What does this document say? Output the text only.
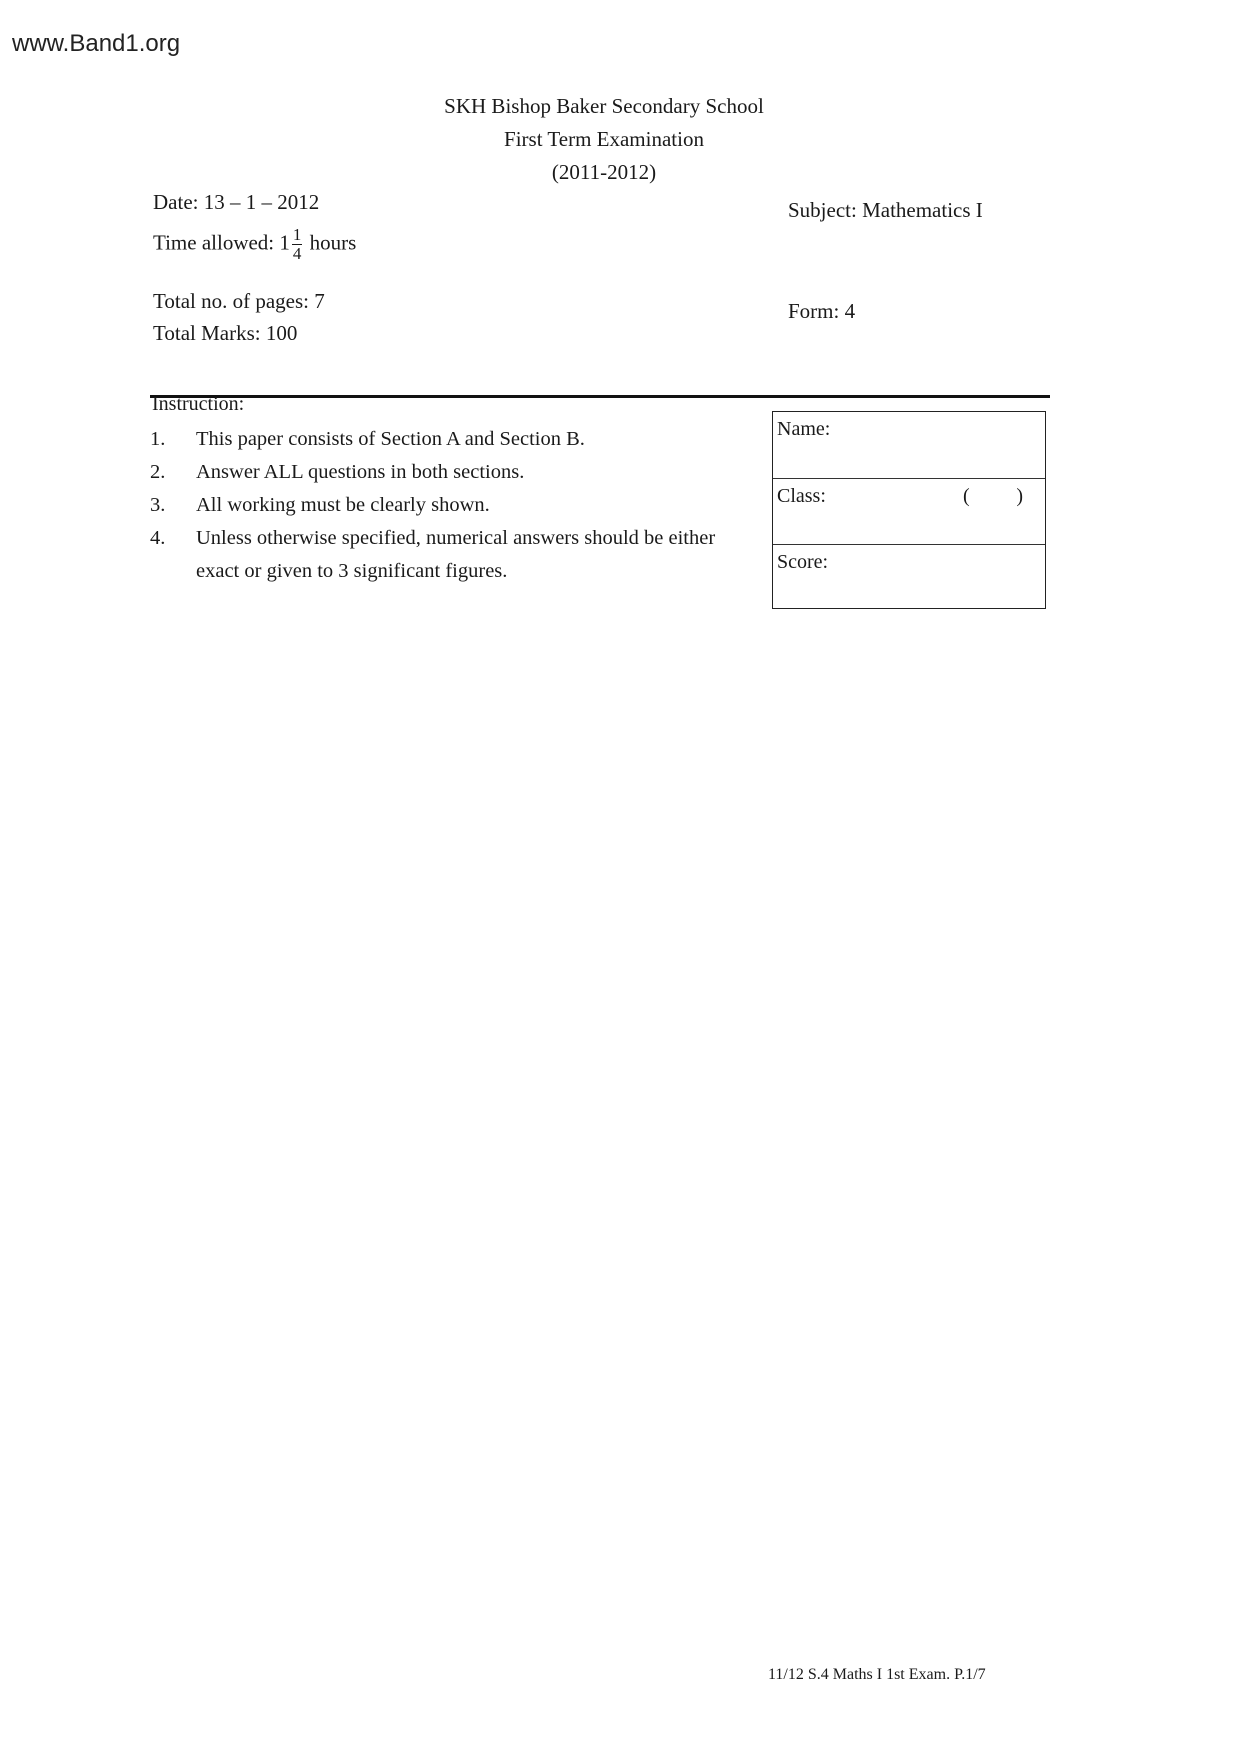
www.Band1.org
SKH Bishop Baker Secondary School
First Term Examination
(2011-2012)
Date: 13 – 1 – 2012
Time allowed: $1 \frac{1}{4}$ hours
Total no. of pages: 7
Total Marks: 100
Subject: Mathematics I
Form: 4
Instruction:
1.	This paper consists of Section A and Section B.
2.	Answer ALL questions in both sections.
3.	All working must be clearly shown.
4.	Unless otherwise specified, numerical answers should be either exact or given to 3 significant figures.
Name:
Class:	( )
Score:
11/12 S.4 Maths I 1st Exam. P.1/7
